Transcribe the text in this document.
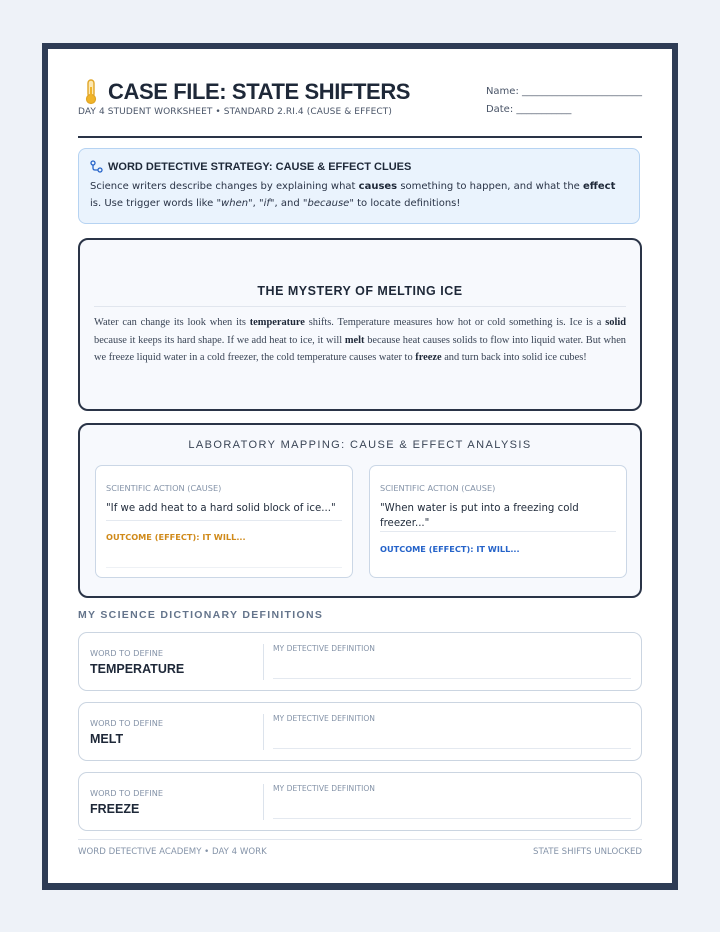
CASE FILE: STATE SHIFTERS
DAY 4 STUDENT WORKSHEET • STANDARD 2.RI.4 (CAUSE & EFFECT)
Name: ________________________
Date: ___________
WORD DETECTIVE STRATEGY: CAUSE & EFFECT CLUES
Science writers describe changes by explaining what causes something to happen, and what the effect is. Use trigger words like "when", "if", and "because" to locate definitions!
THE MYSTERY OF MELTING ICE
Water can change its look when its temperature shifts. Temperature measures how hot or cold something is. Ice is a solid because it keeps its hard shape. If we add heat to ice, it will melt because heat causes solids to flow into liquid water. But when we freeze liquid water in a cold freezer, the cold temperature causes water to freeze and turn back into solid ice cubes!
LABORATORY MAPPING: CAUSE & EFFECT ANALYSIS
SCIENTIFIC ACTION (CAUSE)
"If we add heat to a hard solid block of ice..."
OUTCOME (EFFECT): IT WILL...
SCIENTIFIC ACTION (CAUSE)
"When water is put into a freezing cold freezer..."
OUTCOME (EFFECT): IT WILL...
MY SCIENCE DICTIONARY DEFINITIONS
WORD TO DEFINE
TEMPERATURE
MY DETECTIVE DEFINITION
WORD TO DEFINE
MELT
MY DETECTIVE DEFINITION
WORD TO DEFINE
FREEZE
MY DETECTIVE DEFINITION
WORD DETECTIVE ACADEMY • DAY 4 WORK	STATE SHIFTS UNLOCKED
